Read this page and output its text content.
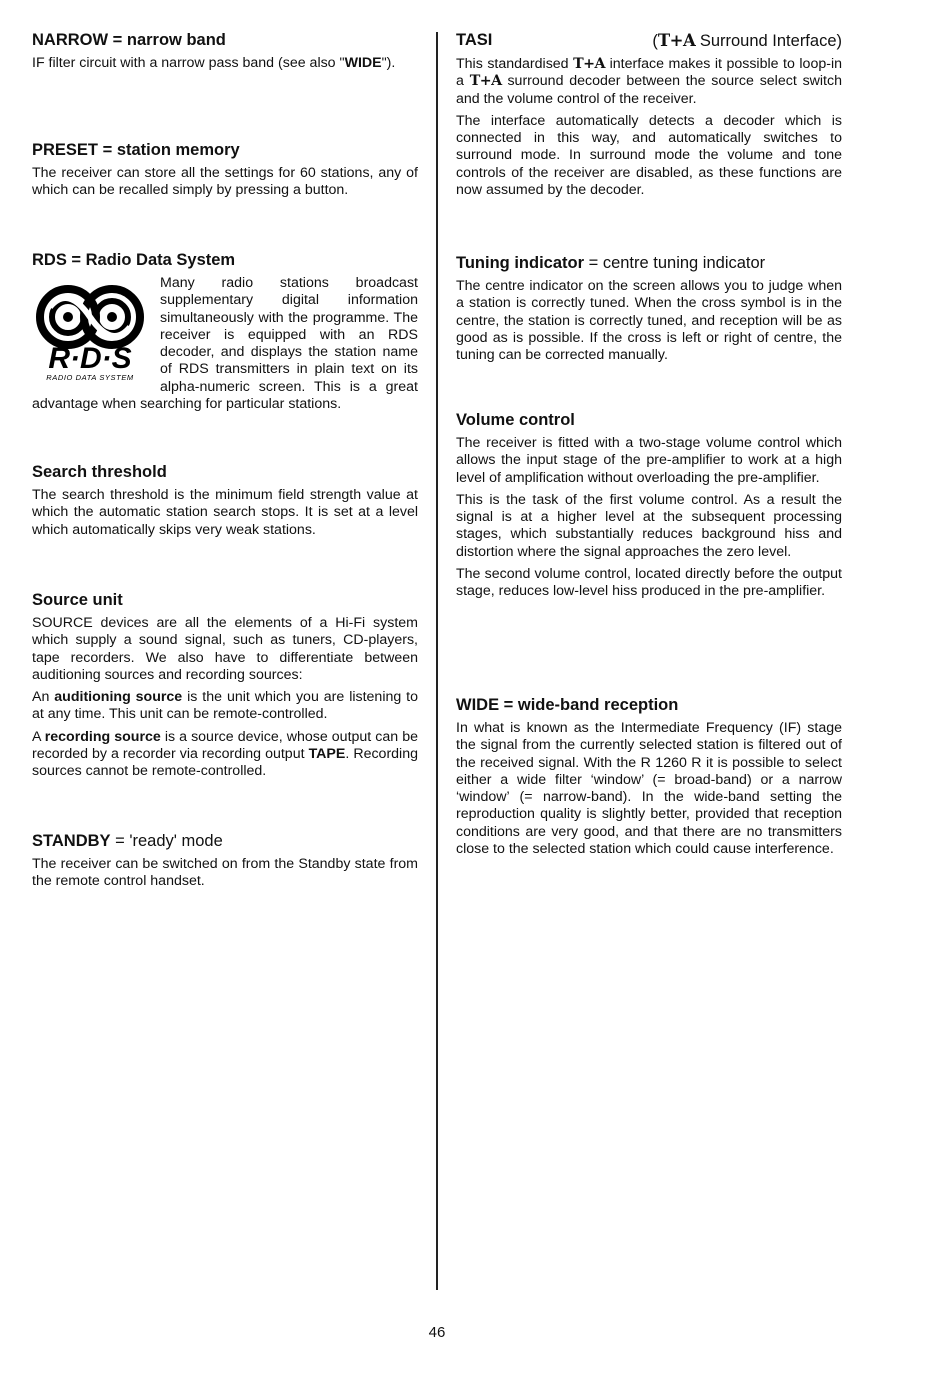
NARROW = narrow band

IF filter circuit with a narrow pass band (see also "WIDE").

PRESET = station memory

The receiver can store all the settings for 60 stations, any of which can be recalled simply by pressing a button.

RDS = Radio Data System
R·D·S
RADIO DATA SYSTEM

Many radio stations broadcast supplementary digital information simultaneously with the programme. The receiver is equipped with an RDS decoder, and displays the station name of RDS transmitters in plain text on its alpha-numeric screen. This is a great advantage when searching for particular stations.

Search threshold

The search threshold is the minimum field strength value at which the automatic station search stops. It is set at a level which automatically skips very weak stations.

Source unit

SOURCE devices are all the elements of a Hi-Fi system which supply a sound signal, such as tuners, CD-players, tape recorders. We also have to differentiate between auditioning sources and recording sources:

An auditioning source is the unit which you are listening to at any time. This unit can be remote-controlled.

A recording source is a source device, whose output can be recorded by a recorder via recording output TAPE. Recording sources cannot be remote-controlled.

STANDBY = 'ready' mode

The receiver can be switched on from the Standby state from the remote control handset.

TASI	(T+A Surround Interface)

This standardised T+A interface makes it possible to loop-in a T+A surround decoder between the source select switch and the volume control of the receiver.

The interface automatically detects a decoder which is connected in this way, and automatically switches to surround mode. In surround mode the volume and tone controls of the receiver are disabled, as these functions are now assumed by the decoder.

Tuning indicator = centre tuning indicator

The centre indicator on the screen allows you to judge when a station is correctly tuned. When the cross symbol is in the centre, the station is correctly tuned, and reception will be as good as is possible. If the cross is left or right of centre, the tuning can be corrected manually.

Volume control

The receiver is fitted with a two-stage volume control which allows the input stage of the pre-amplifier to work at a high level of amplification without overloading the pre-amplifier.

This is the task of the first volume control. As a result the signal is at a higher level at the subsequent processing stages, which substantially reduces background hiss and distortion where the signal approaches the zero level.

The second volume control, located directly before the output stage, reduces low-level hiss produced in the pre-amplifier.

WIDE = wide-band reception

In what is known as the Intermediate Frequency (IF) stage the signal from the currently selected station is filtered out of the received signal. With the R 1260 R it is possible to select either a wide filter ‘window’ (= broad-band) or a narrow ‘window’ (= narrow-band). In the wide-band setting the reproduction quality is slightly better, provided that reception conditions are very good, and that there are no transmitters close to the selected station which could cause interference.

46
